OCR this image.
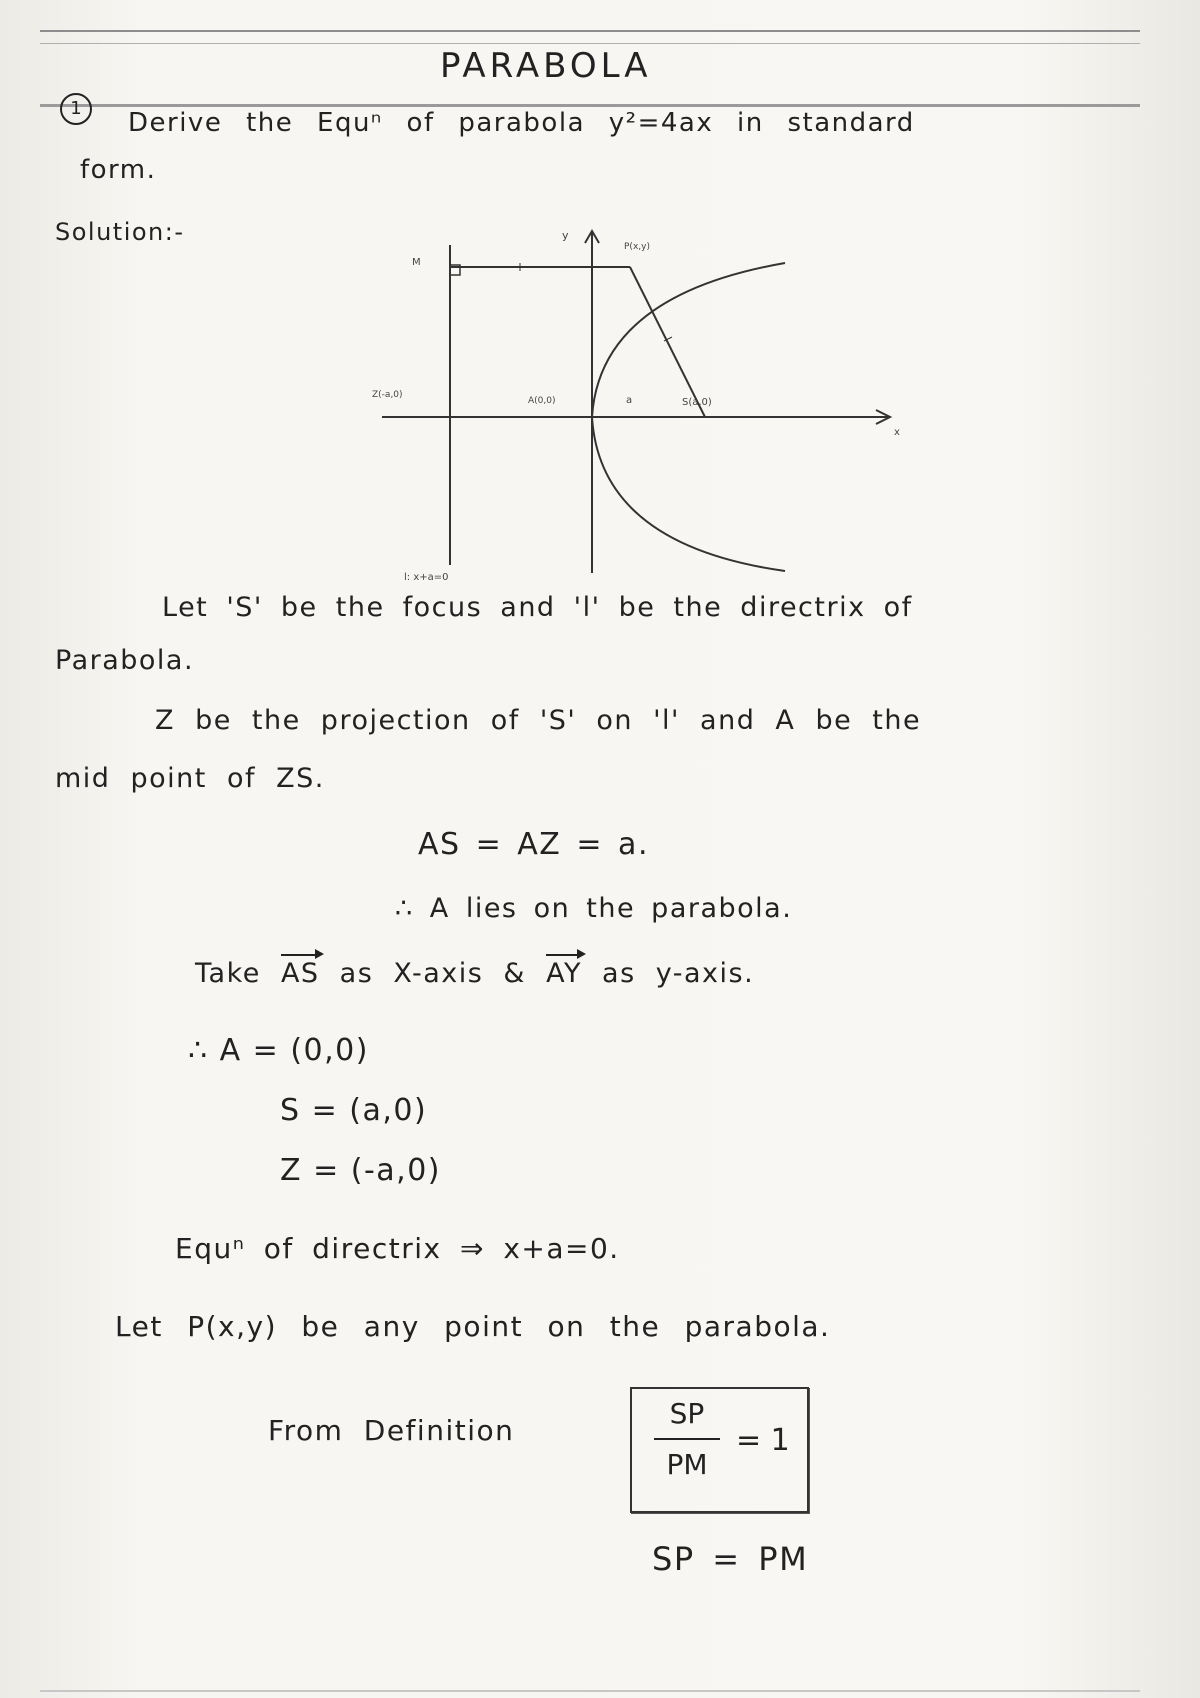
PARABOLA
1	Derive the Equⁿ of parabola y²=4ax in standard
form.
Solution:-
x
y
l: x+a=0
M
P(x,y)
Z(-a,0)
A(0,0)	a	S(a,0)
Let 'S' be the focus and 'l' be the directrix of
Parabola.
Z be the projection of 'S' on 'l' and A be the
mid point of ZS.
AS = AZ = a.
∴ A lies on the parabola.
Take AS as X-axis & AY as y-axis.
∴ A = (0,0)
S = (a,0)
Z = (-a,0)
Equⁿ of directrix ⇒ x+a=0.
Let P(x,y) be any point on the parabola.
From Definition	$\frac{SP}{PM} = 1$
SP = PM
